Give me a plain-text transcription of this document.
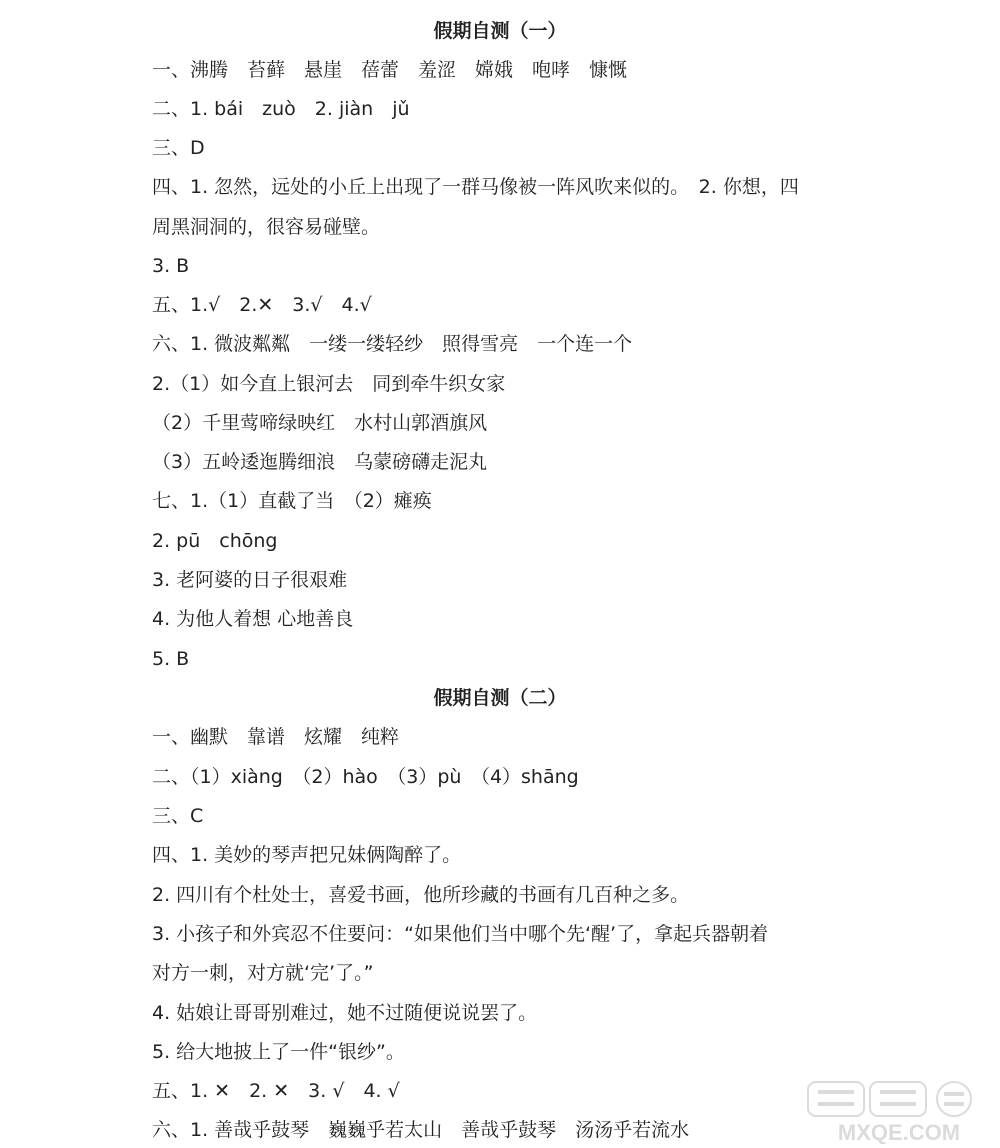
假期自测（一）
一、沸腾　苔藓　悬崖　蓓蕾　羞涩　嫦娥　咆哮　慷慨
二、1. bái　zuò　2. jiàn　jǔ
三、D
四、1. 忽然，远处的小丘上出现了一群马像被一阵风吹来似的。　2. 你想，四
周黑洞洞的，很容易碰壁。
3. B
五、1.√　2.✕　3.√　4.√
六、1. 微波粼粼　一缕一缕轻纱　照得雪亮　一个连一个
2.（1）如今直上银河去　同到牵牛织女家
（2）千里莺啼绿映红　水村山郭酒旗风
（3）五岭逶迤腾细浪　乌蒙磅礴走泥丸
七、1.（1）直截了当　（2）瘫痪
2. pū　chōng
3. 老阿婆的日子很艰难
4. 为他人着想 心地善良
5. B
假期自测（二）
一、幽默　靠谱　炫耀　纯粹
二、（1）xiàng　（2）hào　（3）pù　（4）shāng
三、C
四、1. 美妙的琴声把兄妹俩陶醉了。
2. 四川有个杜处士，喜爱书画，他所珍藏的书画有几百种之多。
3. 小孩子和外宾忍不住要问：“如果他们当中哪个先‘醒’了，拿起兵器朝着
对方一刺，对方就‘完’了。”
4. 姑娘让哥哥别难过，她不过随便说说罢了。
5. 给大地披上了一件“银纱”。
五、1. ✕　2. ✕　3. √　4. √
六、1. 善哉乎鼓琴　巍巍乎若太山　善哉乎鼓琴　汤汤乎若流水	MXQE.COM
